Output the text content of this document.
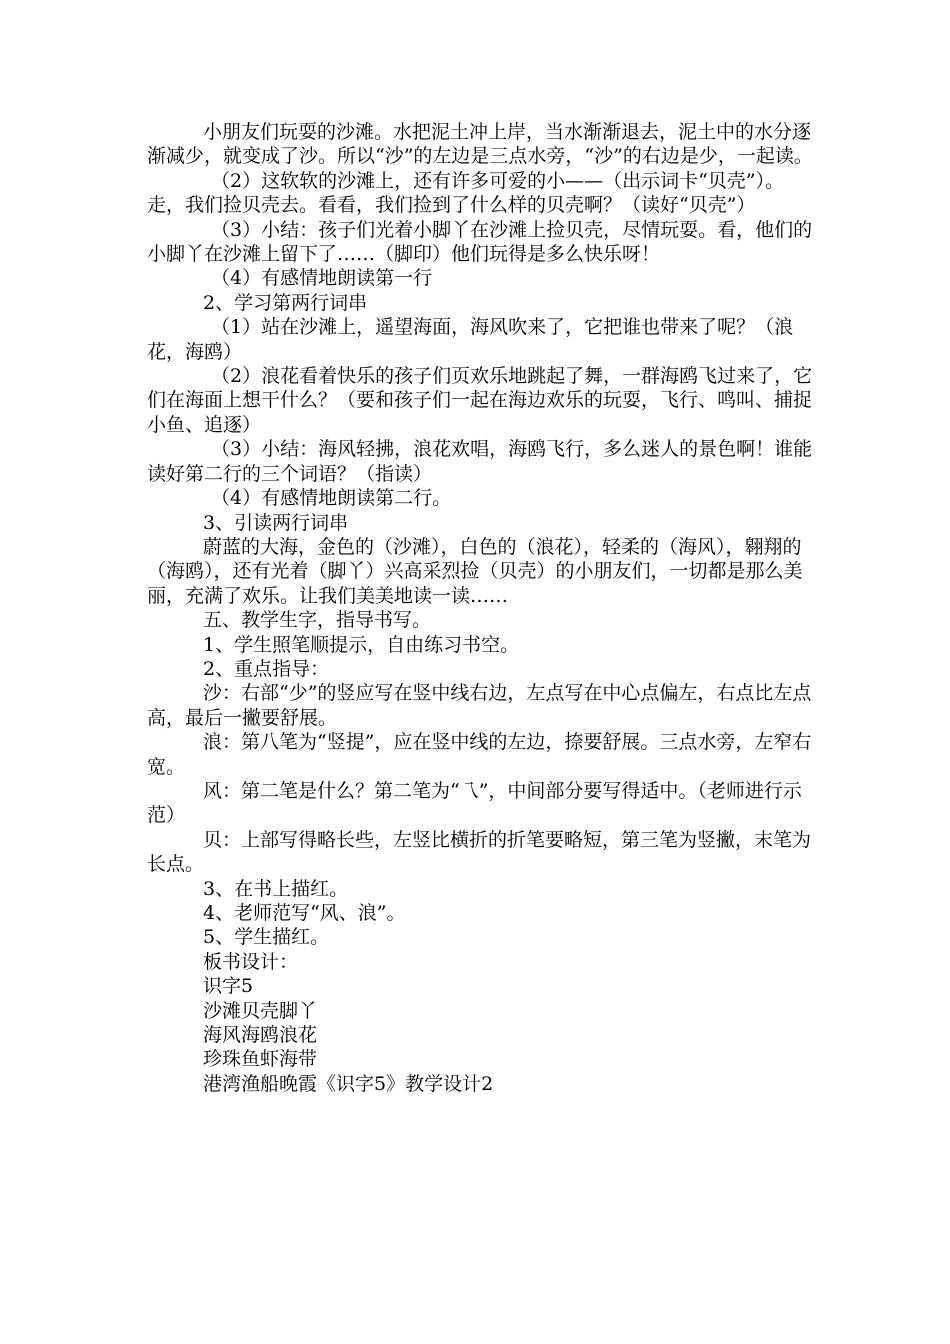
小朋友们玩耍的沙滩。水把泥土冲上岸，当水渐渐退去，泥土中的水分逐渐减少，就变成了沙。所以“沙”的左边是三点水旁，“沙”的右边是少，一起读。

（2）这软软的沙滩上，还有许多可爱的小——（出示词卡“贝壳”）。走，我们捡贝壳去。看看，我们捡到了什么样的贝壳啊？（读好“贝壳”）

（3）小结：孩子们光着小脚丫在沙滩上捡贝壳，尽情玩耍。看，他们的小脚丫在沙滩上留下了……（脚印）他们玩得是多么快乐呀！

（4）有感情地朗读第一行

2、学习第两行词串

（1）站在沙滩上，遥望海面，海风吹来了，它把谁也带来了呢？（浪花，海鸥）

（2）浪花看着快乐的孩子们页欢乐地跳起了舞，一群海鸥飞过来了，它们在海面上想干什么？（要和孩子们一起在海边欢乐的玩耍，飞行、鸣叫、捕捉小鱼、追逐）

（3）小结：海风轻拂，浪花欢唱，海鸥飞行，多么迷人的景色啊！谁能读好第二行的三个词语？（指读）

（4）有感情地朗读第二行。

3、引读两行词串

蔚蓝的大海，金色的（沙滩），白色的（浪花），轻柔的（海风），翱翔的（海鸥），还有光着（脚丫）兴高采烈捡（贝壳）的小朋友们，一切都是那么美丽，充满了欢乐。让我们美美地读一读……

五、教学生字，指导书写。

1、学生照笔顺提示，自由练习书空。

2、重点指导：

沙：右部“少”的竖应写在竖中线右边，左点写在中心点偏左，右点比左点高，最后一撇要舒展。

浪：第八笔为“竖提”，应在竖中线的左边，捺要舒展。三点水旁，左窄右宽。

风：第二笔是什么？第二笔为“乁”，中间部分要写得适中。（老师进行示范）

贝：上部写得略长些，左竖比横折的折笔要略短，第三笔为竖撇，末笔为长点。

3、在书上描红。

4、老师范写“风、浪”。

5、学生描红。

板书设计：

识字5

沙滩贝壳脚丫

海风海鸥浪花

珍珠鱼虾海带

港湾渔船晚霞《识字5》教学设计2
